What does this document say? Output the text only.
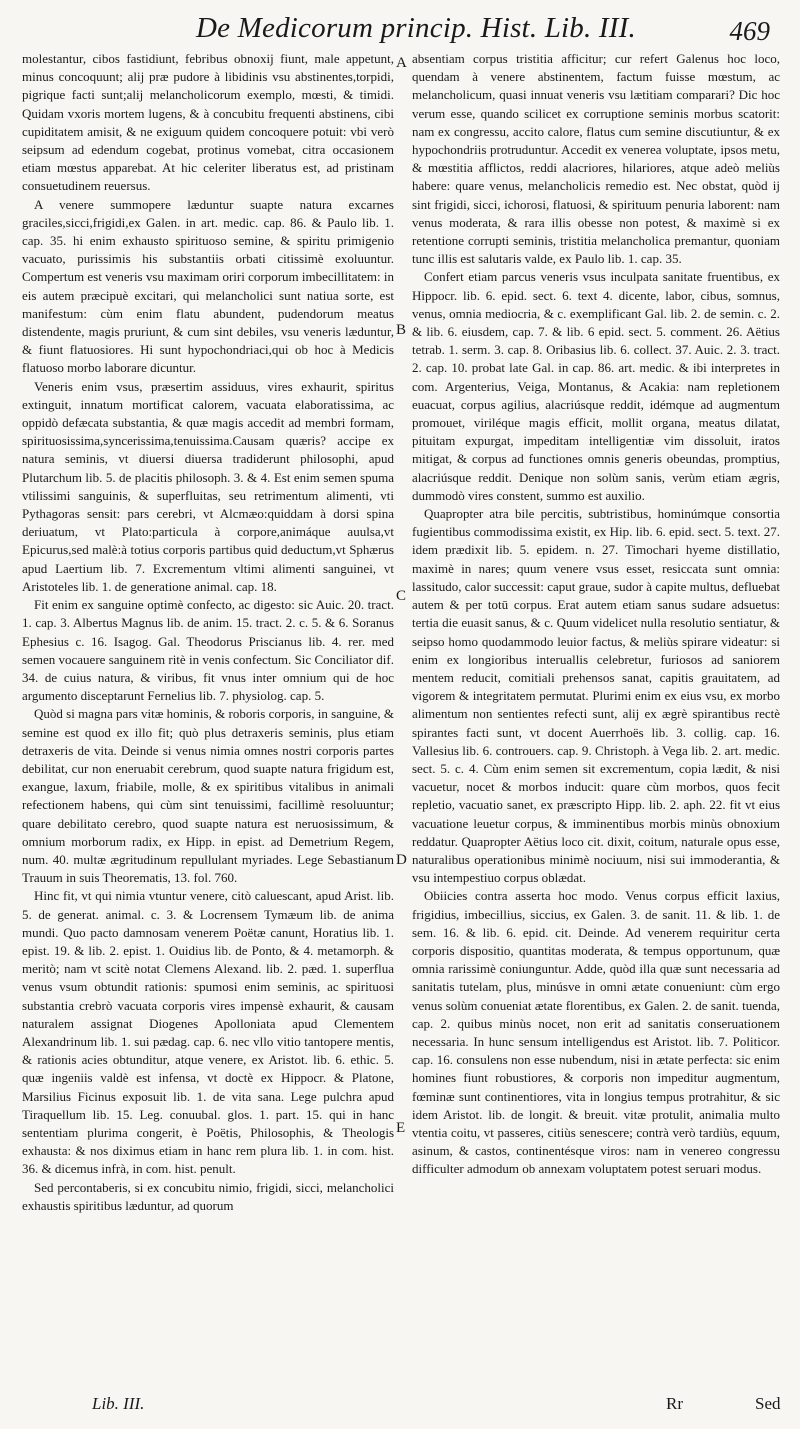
De Medicorum princip. Hist. Lib. III.	469

molestantur, cibos fastidiunt, febribus obnoxij fiunt, male appetunt, minus concoquunt; alij præ pudore à libidinis vsu abstinentes,torpidi, pigrique facti sunt;alij melancholicorum exemplo, mœsti, & timidi. Quidam vxoris mortem lugens, & à concubitu frequenti abstinens, cibi cupiditatem amisit, & ne exiguum quidem concoquere potuit: vbi verò seipsum ad edendum cogebat, protinus vomebat, citra occasionem etiam mœstus apparebat. At hic celeriter liberatus est, ad pristinam consuetudinem reuersus.

A venere summopere læduntur suapte natura excarnes graciles,sicci,frigidi,ex Galen. in art. medic. cap. 86. & Paulo lib. 1. cap. 35. hi enim exhausto spirituoso semine, & spiritu primigenio vacuato, purissimis his substantiis orbati citissimè exoluuntur. Compertum est veneris vsu maximam oriri corporum imbecillitatem: in eis autem præcipuè excitari, qui melancholici sunt natiua sorte, est manifestum: cùm enim flatu abundent, pudendorum meatus distendente, magis pruriunt, & cum sint debiles, vsu veneris læduntur, & fiunt flatuosiores. Hi sunt hypochondriaci,qui ob hoc à Medicis flatuoso morbo laborare dicuntur.

Veneris enim vsus, præsertim assiduus, vires exhaurit, spiritus extinguit, innatum mortificat calorem, vacuata elaboratissima, ac oppidò defæcata substantia, & quæ magis accedit ad membri formam, spirituosissima,syncerissima,tenuissima.Causam quæris? accipe ex natura seminis, vt diuersi diuersa tradiderunt philosophi, apud Plutarchum lib. 5. de placitis philosoph. 3. & 4. Est enim semen spuma vtilissimi sanguinis, & superfluitas, seu retrimentum alimenti, vti Pythagoras sensit: pars cerebri, vt Alcmæo:quiddam à dorsi spina deriuatum, vt Plato:particula à corpore,animáque auulsa,vt Epicurus,sed malè:à totius corporis partibus quid deductum,vt Sphærus apud Laertium lib. 7. Excrementum vltimi alimenti sanguinei, vt Aristoteles lib. 1. de generatione animal. cap. 18.

Fit enim ex sanguine optimè confecto, ac digesto: sic Auic. 20. tract. 1. cap. 3. Albertus Magnus lib. de anim. 15. tract. 2. c. 5. & 6. Soranus Ephesius c. 16. Isagog. Gal. Theodorus Priscianus lib. 4. rer. med semen vocauere sanguinem ritè in venis confectum. Sic Conciliator dif. 34. de cuius natura, & viribus, fit vnus inter omnium qui de hoc argumento disceptarunt Fernelius lib. 7. physiolog. cap. 5.

Quòd si magna pars vitæ hominis, & roboris corporis, in sanguine, & semine est quod ex illo fit; quò plus detraxeris seminis, plus etiam detraxeris de vita. Deinde si venus nimia omnes nostri corporis partes debilitat, cur non eneruabit cerebrum, quod suapte natura frigidum est, exangue, laxum, friabile, molle, & ex spiritibus vitalibus in animali refectionem habens, qui cùm sint tenuissimi, facillimè resoluuntur; quare debilitato cerebro, quod suapte natura est neruosissimum, & omnium morborum radix, ex Hipp. in epist. ad Demetrium Regem, num. 40. multæ ægritudinum repullulant myriades. Lege Sebastianum Trauum in suis Theorematis, 13. fol. 760.

Hinc fit, vt qui nimia vtuntur venere, citò caluescant, apud Arist. lib. 5. de generat. animal. c. 3. & Locrensem Tymæum lib. de anima mundi. Quo pacto damnosam venerem Poëtæ canunt, Horatius lib. 1. epist. 19. & lib. 2. epist. 1. Ouidius lib. de Ponto, & 4. metamorph. & meritò; nam vt scitè notat Clemens Alexand. lib. 2. pæd. 1. superflua venus vsum obtundit rationis: spumosi enim seminis, ac spirituosi substantia crebrò vacuata corporis vires impensè exhaurit, & causam naturalem assignat Diogenes Apolloniata apud Clementem Alexandrinum lib. 1. sui pædag. cap. 6. nec vllo vitio tantopere mentis, & rationis acies obtunditur, atque venere, ex Aristot. lib. 6. ethic. 5. quæ ingeniis valdè est infensa, vt doctè ex Hippocr. & Platone, Marsilius Ficinus exposuit lib. 1. de vita sana. Lege pulchra apud Tiraquellum lib. 15. Leg. conuubal. glos. 1. part. 15. qui in hanc sententiam plurima congerit, è Poëtis, Philosophis, & Theologis exhausta: & nos diximus etiam in hanc rem plura lib. 1. in com. hist. 36. & dicemus infrà, in com. hist. penult.

Sed percontaberis, si ex concubitu nimio, frigidi, sicci, melancholici exhaustis spiritibus læduntur, ad quorum

A
B
C
D
E

absentiam corpus tristitia afficitur; cur refert Galenus hoc loco, quendam à venere abstinentem, factum fuisse mœstum, ac melancholicum, quasi innuat veneris vsu lætitiam comparari? Dic hoc verum esse, quando scilicet ex corruptione seminis morbus scatorit: nam ex congressu, accito calore, flatus cum semine discutiuntur, & ex hypochondriis protruduntur. Accedit ex venerea voluptate, ipsos metu, & mœstitia afflictos, reddi alacriores, hilariores, atque adeò meliùs habere: quare venus, melancholicis remedio est. Nec obstat, quòd ij sint frigidi, sicci, ichorosi, flatuosi, & spirituum penuria laborent: nam venus moderata, & rara illis obesse non potest, & maximè si ex retentione corrupti seminis, tristitia melancholica premantur, quoniam tunc illis est salutaris valde, ex Paulo lib. 1. cap. 35.

Confert etiam parcus veneris vsus inculpata sanitate fruentibus, ex Hippocr. lib. 6. epid. sect. 6. text 4. dicente, labor, cibus, somnus, venus, omnia mediocria, & c. exemplificant Gal. lib. 2. de semin. c. 2. & lib. 6. eiusdem, cap. 7. & lib. 6 epid. sect. 5. comment. 26. Aëtius tetrab. 1. serm. 3. cap. 8. Oribasius lib. 6. collect. 37. Auic. 2. 3. tract. 2. cap. 10. probat late Gal. in cap. 86. art. medic. & ibi interpretes in com. Argenterius, Veiga, Montanus, & Acakia: nam repletionem euacuat, corpus agilius, alacriúsque reddit, idémque ad augmentum promouet, viriléque magis efficit, mollit organa, meatus dilatat, pituitam expurgat, impeditam intelligentiæ vim dissoluit, iratos mitigat, & corpus ad functiones omnis generis obeundas, promptius, alacriúsque reddit. Denique non solùm sanis, verùm etiam ægris, dummodò vires constent, summo est auxilio.

Quapropter atra bile percitis, subtristibus, hominúmque consortia fugientibus commodissima existit, ex Hip. lib. 6. epid. sect. 5. text. 27. idem prædixit lib. 5. epidem. n. 27. Timochari hyeme distillatio, maximè in nares; quum venere vsus esset, resiccata sunt omnia: lassitudo, calor successit: caput graue, sudor à capite multus, defluebat autem & per totū corpus. Erat autem etiam sanus sudare adsuetus: tertia die euasit sanus, & c. Quum videlicet nulla resolutio sentiatur, & seipso homo quodammodo leuior factus, & meliùs spirare videatur: si enim ex longioribus interuallis celebretur, furiosos ad saniorem mentem reducit, comitiali prehensos sanat, capitis grauitatem, ad vigorem & integritatem permutat. Plurimi enim ex eius vsu, ex morbo alimentum non sentientes refecti sunt, alij ex ægrè spirantibus rectè spirantes facti sunt, vt docent Auerrhoës lib. 3. collig. cap. 16. Vallesius lib. 6. controuers. cap. 9. Christoph. à Vega lib. 2. art. medic. sect. 5. c. 4. Cùm enim semen sit excrementum, copia lædit, & nisi vacuetur, nocet & morbos inducit: quare cùm morbos, quos fecit repletio, vacuatio sanet, ex præscripto Hipp. lib. 2. aph. 22. fit vt eius vacuatione leuetur corpus, & imminentibus morbis minùs obnoxium reddatur. Quapropter Aëtius loco cit. dixit, coitum, naturale opus esse, naturalibus operationibus minimè nociuum, nisi sui immoderantia, & vsu intempestiuo corpus oblædat.

Obiicies contra asserta hoc modo. Venus corpus efficit laxius, frigidius, imbecillius, siccius, ex Galen. 3. de sanit. 11. & lib. 1. de sem. 16. & lib. 6. epid. cit. Deinde. Ad venerem requiritur certa corporis dispositio, quantitas moderata, & tempus opportunum, quæ omnia rarissimè coniunguntur. Adde, quòd illa quæ sunt necessaria ad sanitatis tutelam, plus, minúsve in omni ætate conueniunt: cùm ergo venus solùm conueniat ætate florentibus, ex Galen. 2. de sanit. tuenda, cap. 2. quibus minùs nocet, non erit ad sanitatis conseruationem necessaria. In hunc sensum intelligendus est Aristot. lib. 7. Politicor. cap. 16. consulens non esse nubendum, nisi in ætate perfecta: sic enim homines fiunt robustiores, & corporis non impeditur augmentum, fœminæ sunt continentiores, vita in longius tempus protrahitur, & sic idem Aristot. lib. de longit. & breuit. vitæ protulit, animalia multo vtentia coitu, vt passeres, citiùs senescere; contrà verò tardiùs, equum, asinum, & castos, continentésque viros: nam in venereo congressu difficulter admodum ob annexam voluptatem potest seruari modus.

Lib. III.	Rr	Sed
